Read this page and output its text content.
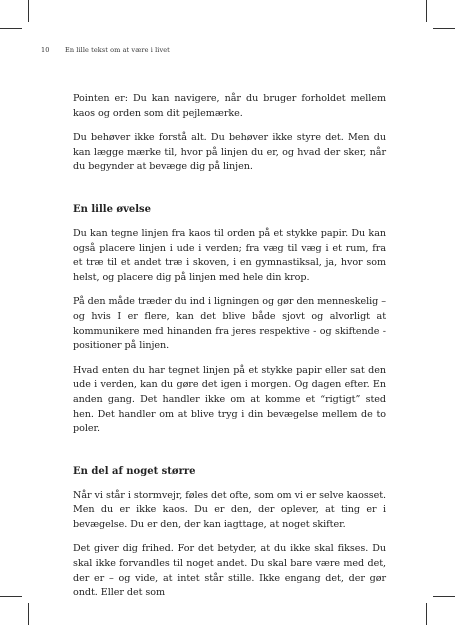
10 En lille tekst om at være i livet

Pointen er: Du kan navigere, når du bruger forholdet mellem kaos og orden som dit pejlemærke.

Du behøver ikke forstå alt. Du behøver ikke styre det. Men du kan lægge mærke til, hvor på linjen du er, og hvad der sker, når du begynder at bevæge dig på linjen.

En lille øvelse

Du kan tegne linjen fra kaos til orden på et stykke papir. Du kan også placere linjen i ude i verden; fra væg til væg i et rum, fra et træ til et andet træ i skoven, i en gymnastiksal, ja, hvor som helst, og placere dig på linjen med hele din krop.

På den måde træder du ind i ligningen og gør den menneskelig – og hvis I er flere, kan det blive både sjovt og alvorligt at kommunikere med hinanden fra jeres respektive - og skiftende - positioner på linjen.

Hvad enten du har tegnet linjen på et stykke papir eller sat den ude i verden, kan du gøre det igen i morgen. Og dagen efter. En anden gang. Det handler ikke om at komme et “rigtigt” sted hen. Det handler om at blive tryg i din bevægelse mellem de to poler.

En del af noget større

Når vi står i stormvejr, føles det ofte, som om vi er selve kaosset. Men du er ikke kaos. Du er den, der oplever, at ting er i bevægelse. Du er den, der kan iagttage, at noget skifter.

Det giver dig frihed. For det betyder, at du ikke skal fikses. Du skal ikke forvandles til noget andet. Du skal bare være med det, der er – og vide, at intet står stille. Ikke engang det, der gør ondt. Eller det som
